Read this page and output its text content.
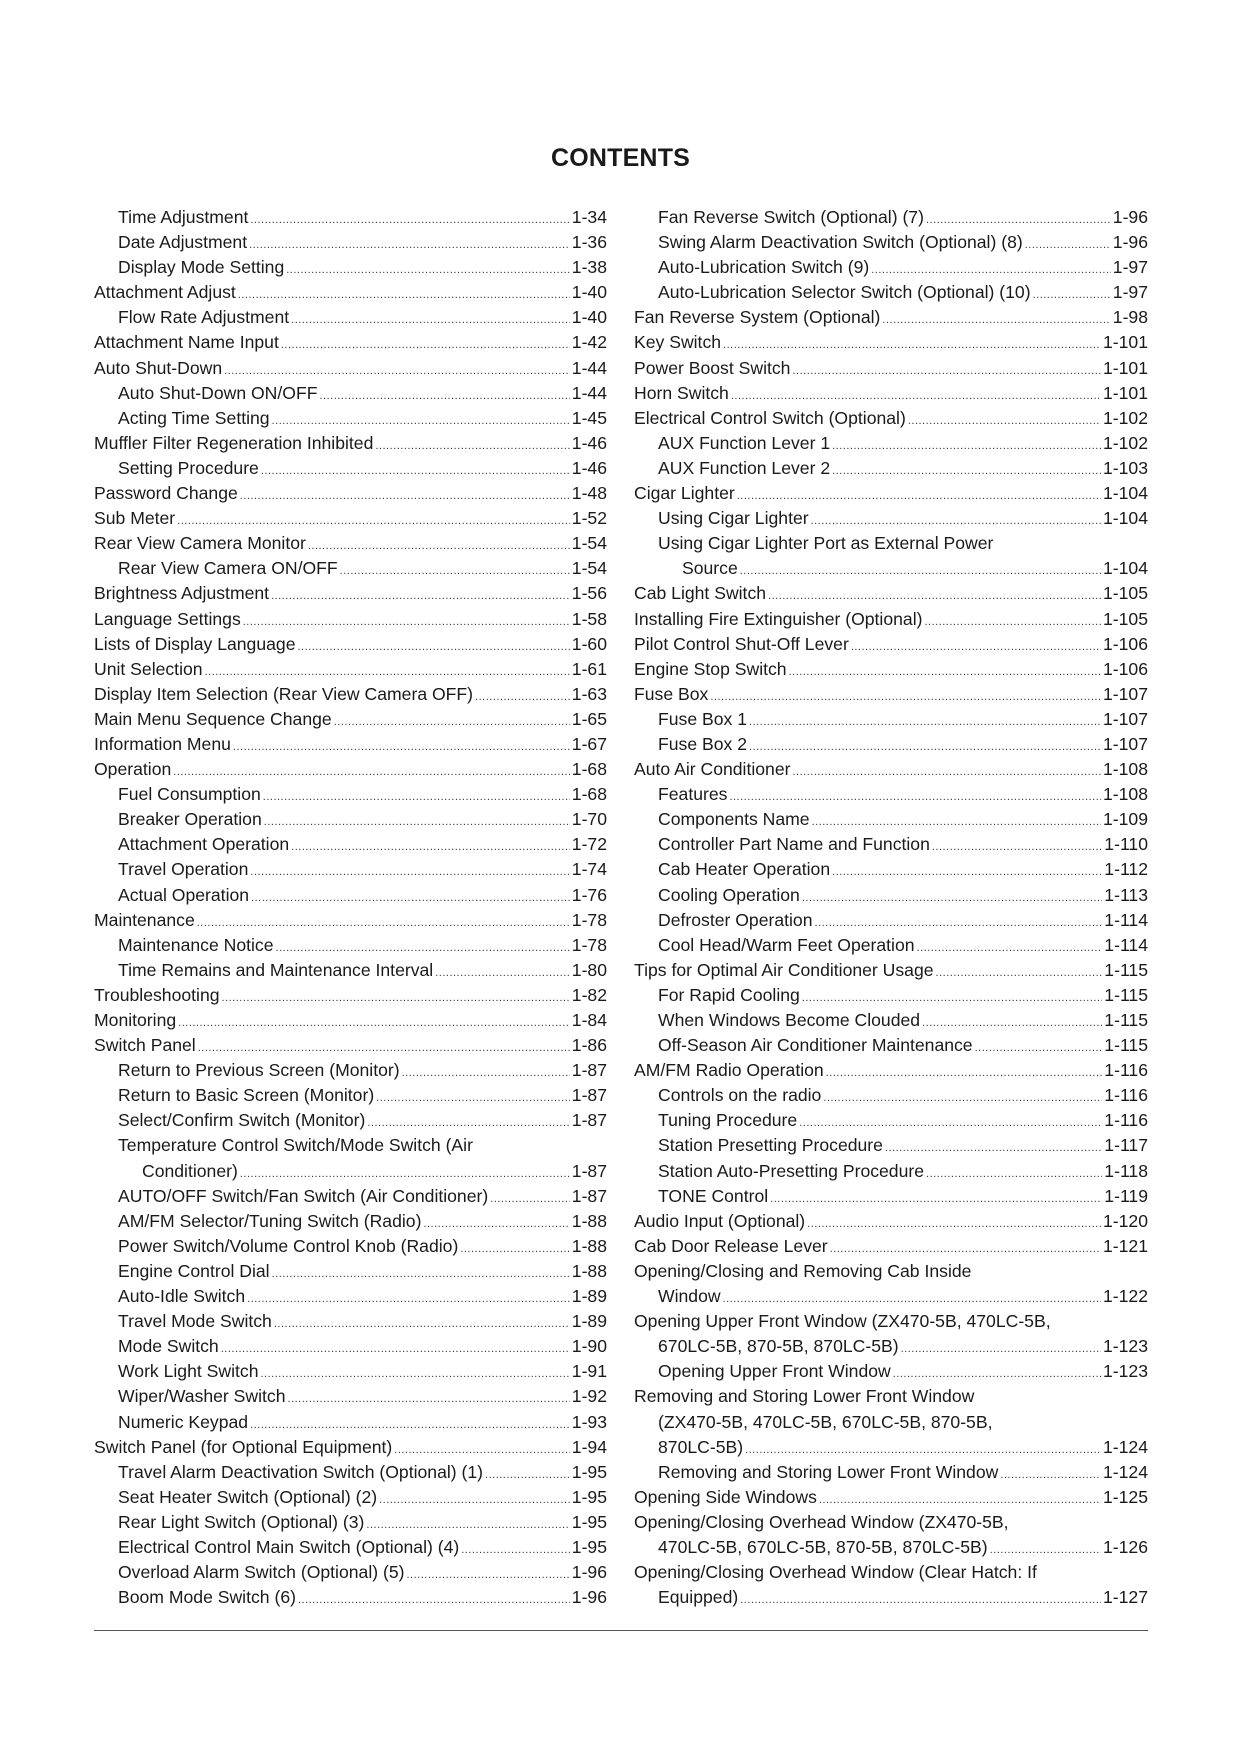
CONTENTS
Time Adjustment .....	1-34
Date Adjustment .....	1-36
Display Mode Setting .....	1-38
Attachment Adjust .....	1-40
Flow Rate Adjustment .....	1-40
Attachment Name Input .....	1-42
Auto Shut-Down .....	1-44
Auto Shut-Down ON/OFF .....	1-44
Acting Time Setting .....	1-45
Muffler Filter Regeneration Inhibited .....	1-46
Setting Procedure .....	1-46
Password Change .....	1-48
Sub Meter .....	1-52
Rear View Camera Monitor .....	1-54
Rear View Camera ON/OFF .....	1-54
Brightness Adjustment .....	1-56
Language Settings .....	1-58
Lists of Display Language .....	1-60
Unit Selection .....	1-61
Display Item Selection (Rear View Camera OFF) .....	1-63
Main Menu Sequence Change .....	1-65
Information Menu .....	1-67
Operation .....	1-68
Fuel Consumption .....	1-68
Breaker Operation .....	1-70
Attachment Operation .....	1-72
Travel Operation .....	1-74
Actual Operation .....	1-76
Maintenance .....	1-78
Maintenance Notice .....	1-78
Time Remains and Maintenance Interval .....	1-80
Troubleshooting .....	1-82
Monitoring .....	1-84
Switch Panel .....	1-86
Return to Previous Screen (Monitor) .....	1-87
Return to Basic Screen (Monitor) .....	1-87
Select/Confirm Switch (Monitor) .....	1-87
Temperature Control Switch/Mode Switch (Air
Conditioner) .....	1-87
AUTO/OFF Switch/Fan Switch (Air Conditioner) .....	1-87
AM/FM Selector/Tuning Switch (Radio) .....	1-88
Power Switch/Volume Control Knob (Radio) .....	1-88
Engine Control Dial .....	1-88
Auto-Idle Switch .....	1-89
Travel Mode Switch .....	1-89
Mode Switch .....	1-90
Work Light Switch .....	1-91
Wiper/Washer Switch .....	1-92
Numeric Keypad .....	1-93
Switch Panel (for Optional Equipment) .....	1-94
Travel Alarm Deactivation Switch (Optional) (1) .....	1-95
Seat Heater Switch (Optional) (2) .....	1-95
Rear Light Switch (Optional) (3) .....	1-95
Electrical Control Main Switch (Optional) (4) .....	1-95
Overload Alarm Switch (Optional) (5) .....	1-96
Boom Mode Switch (6) .....	1-96
Fan Reverse Switch (Optional) (7) .....	1-96
Swing Alarm Deactivation Switch (Optional) (8) .....	1-96
Auto-Lubrication Switch (9) .....	1-97
Auto-Lubrication Selector Switch (Optional) (10) .....	1-97
Fan Reverse System (Optional) .....	1-98
Key Switch .....	1-101
Power Boost Switch .....	1-101
Horn Switch .....	1-101
Electrical Control Switch (Optional) .....	1-102
AUX Function Lever 1 .....	1-102
AUX Function Lever 2 .....	1-103
Cigar Lighter .....	1-104
Using Cigar Lighter .....	1-104
Using Cigar Lighter Port as External Power
Source .....	1-104
Cab Light Switch .....	1-105
Installing Fire Extinguisher (Optional) .....	1-105
Pilot Control Shut-Off Lever .....	1-106
Engine Stop Switch .....	1-106
Fuse Box .....	1-107
Fuse Box 1 .....	1-107
Fuse Box 2 .....	1-107
Auto Air Conditioner .....	1-108
Features .....	1-108
Components Name .....	1-109
Controller Part Name and Function .....	1-110
Cab Heater Operation .....	1-112
Cooling Operation .....	1-113
Defroster Operation .....	1-114
Cool Head/Warm Feet Operation .....	1-114
Tips for Optimal Air Conditioner Usage .....	1-115
For Rapid Cooling .....	1-115
When Windows Become Clouded .....	1-115
Off-Season Air Conditioner Maintenance .....	1-115
AM/FM Radio Operation .....	1-116
Controls on the radio .....	1-116
Tuning Procedure .....	1-116
Station Presetting Procedure .....	1-117
Station Auto-Presetting Procedure .....	1-118
TONE Control .....	1-119
Audio Input (Optional) .....	1-120
Cab Door Release Lever .....	1-121
Opening/Closing and Removing Cab Inside
Window .....	1-122
Opening Upper Front Window (ZX470-5B, 470LC-5B,
670LC-5B, 870-5B, 870LC-5B) .....	1-123
Opening Upper Front Window .....	1-123
Removing and Storing Lower Front Window
(ZX470-5B, 470LC-5B, 670LC-5B, 870-5B,
870LC-5B) .....	1-124
Removing and Storing Lower Front Window .....	1-124
Opening Side Windows .....	1-125
Opening/Closing Overhead Window (ZX470-5B,
470LC-5B, 670LC-5B, 870-5B, 870LC-5B) .....	1-126
Opening/Closing Overhead Window (Clear Hatch: If
Equipped) .....	1-127
